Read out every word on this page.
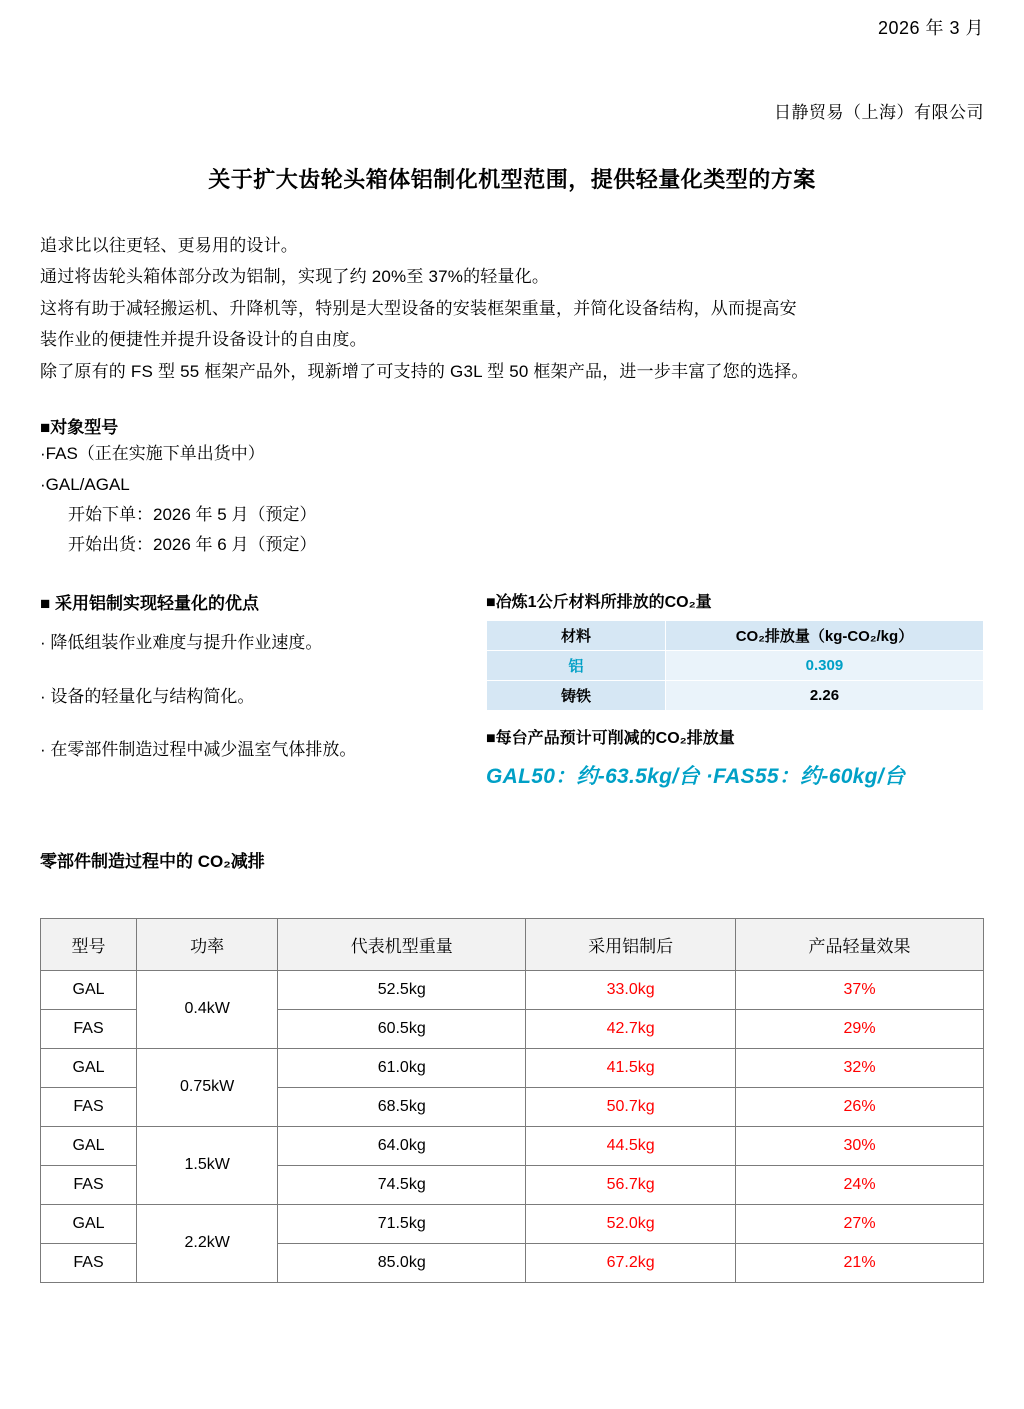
2026 年 3 月
日静贸易（上海）有限公司
关于扩大齿轮头箱体铝制化机型范围，提供轻量化类型的方案

追求比以往更轻、更易用的设计。

通过将齿轮头箱体部分改为铝制，实现了约 20%至 37%的轻量化。

这将有助于减轻搬运机、升降机等，特别是大型设备的安装框架重量，并简化设备结构，从而提高安

装作业的便捷性并提升设备设计的自由度。

除了原有的 FS 型 55 框架产品外，现新增了可支持的 G3L 型 50 框架产品，进一步丰富了您的选择。

■对象型号
·FAS（正在实施下单出货中）
·GAL/AGAL
开始下单：2026 年 5 月（预定）
开始出货：2026 年 6 月（预定）
■ 采用铝制实现轻量化的优点
· 降低组装作业难度与提升作业速度。
· 设备的轻量化与结构简化。
· 在零部件制造过程中减少温室气体排放。
■冶炼1公斤材料所排放的CO₂量
材料	CO₂排放量（kg-CO₂/kg）
铝	0.309
铸铁	2.26
■每台产品预计可削减的CO₂排放量
GAL50：约-63.5kg/台 ·FAS55：约-60kg/台
零部件制造过程中的 CO₂减排
型号	功率	代表机型重量	采用铝制后	产品轻量效果
GAL	0.4kW	52.5kg	33.0kg	37%
FAS		60.5kg	42.7kg	29%
GAL	0.75kW	61.0kg	41.5kg	32%
FAS		68.5kg	50.7kg	26%
GAL	1.5kW	64.0kg	44.5kg	30%
FAS		74.5kg	56.7kg	24%
GAL	2.2kW	71.5kg	52.0kg	27%
FAS		85.0kg	67.2kg	21%
